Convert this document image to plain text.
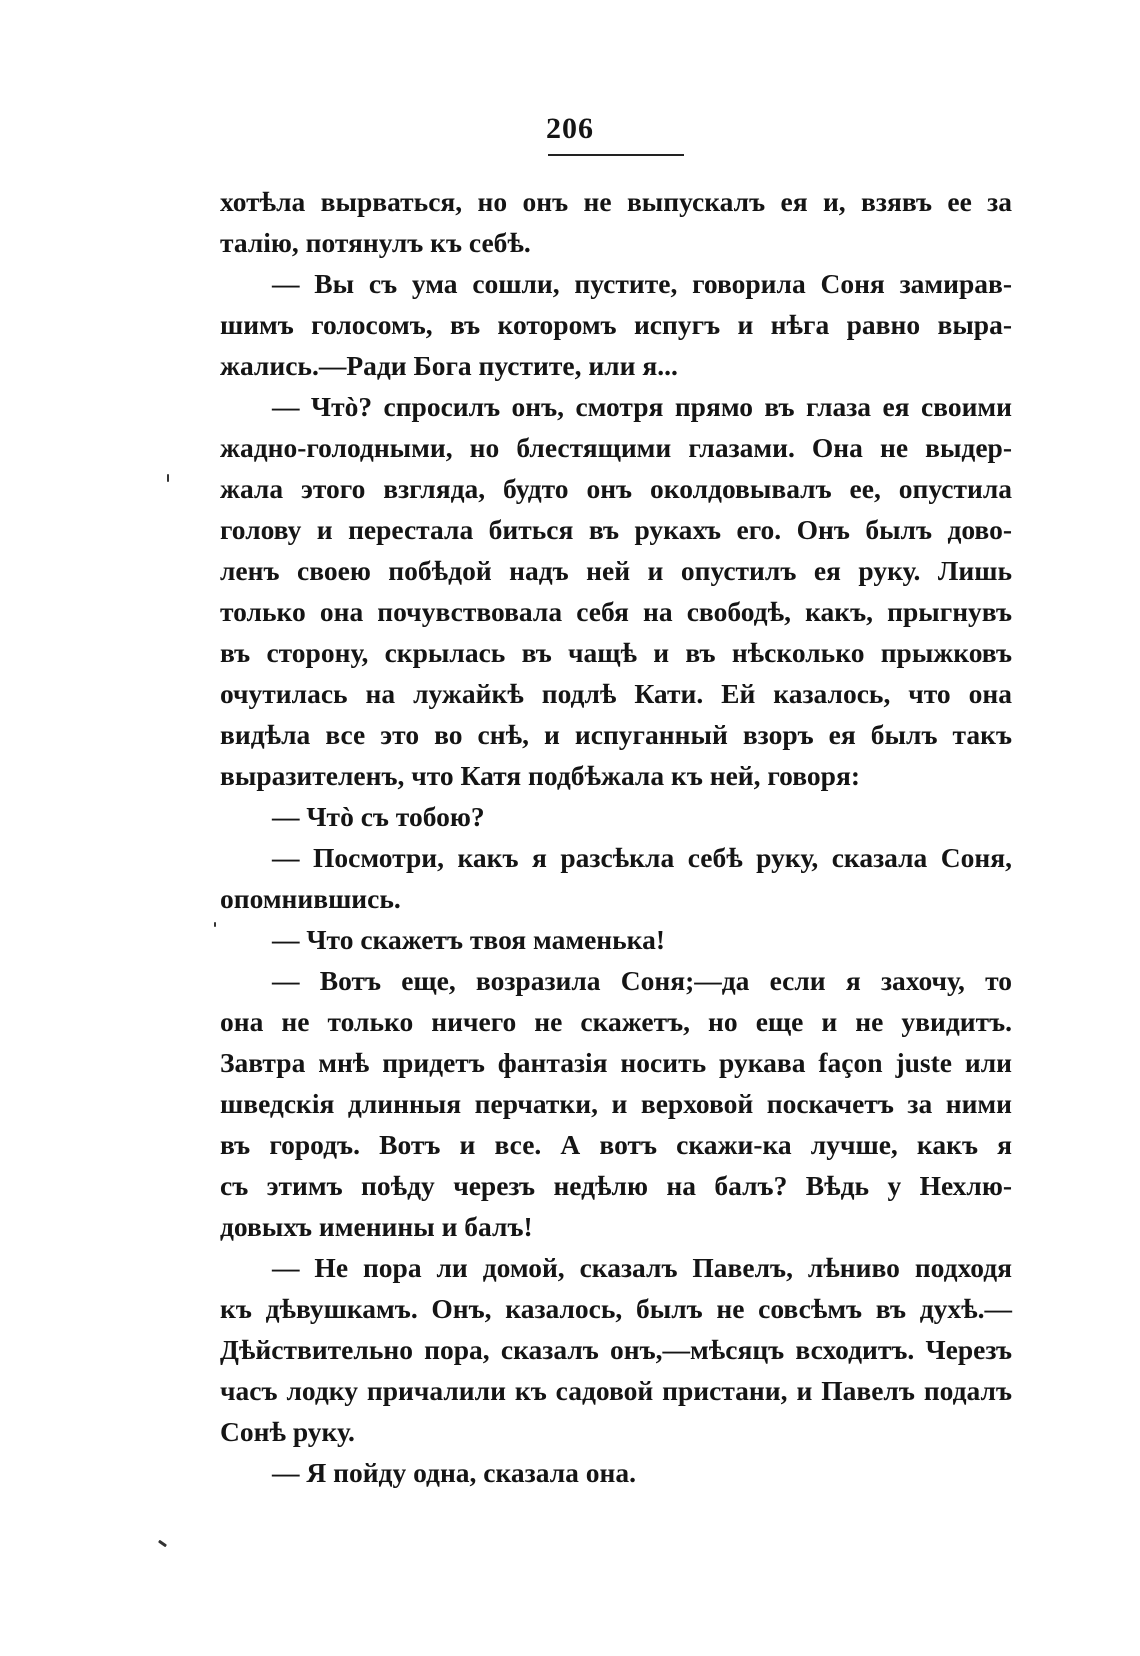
206
хотѣла вырваться, но онъ не выпускалъ ея и, взявъ ее за
талію, потянулъ къ себѣ.
— Вы съ ума сошли, пустите, говорила Соня замирав-
шимъ голосомъ, въ которомъ испугъ и нѣга равно выра-
жались.—Ради Бога пустите, или я...
— Чтò? спросилъ онъ, смотря прямо въ глаза ея своими
жадно-голодными, но блестящими глазами. Она не выдер-
жала этого взгляда, будто онъ околдовывалъ ее, опустила
голову и перестала биться въ рукахъ его. Онъ былъ дово-
ленъ своею побѣдой надъ ней и опустилъ ея руку. Лишь
только она почувствовала себя на свободѣ, какъ, прыгнувъ
въ сторону, скрылась въ чащѣ и въ нѣсколько прыжковъ
очутилась на лужайкѣ подлѣ Кати. Ей казалось, что она
видѣла все это во снѣ, и испуганный взоръ ея былъ такъ
выразителенъ, что Катя подбѣжала къ ней, говоря:
— Чтò съ тобою?
— Посмотри, какъ я разсѣкла себѣ руку, сказала Соня,
опомнившись.
— Что скажетъ твоя маменька!
— Вотъ еще, возразила Соня;—да если я захочу, то
она не только ничего не скажетъ, но еще и не увидитъ.
Завтра мнѣ придетъ фантазія носить рукава façon juste или
шведскія длинныя перчатки, и верховой поскачетъ за ними
въ городъ. Вотъ и все. А вотъ скажи-ка лучше, какъ я
съ этимъ поѣду черезъ недѣлю на балъ? Вѣдь у Нехлю-
довыхъ именины и балъ!
— Не пора ли домой, сказалъ Павелъ, лѣниво подходя
къ дѣвушкамъ. Онъ, казалось, былъ не совсѣмъ въ духѣ.—
Дѣйствительно пора, сказалъ онъ,—мѣсяцъ всходитъ. Черезъ
часъ лодку причалили къ садовой пристани, и Павелъ подалъ
Сонѣ руку.
— Я пойду одна, сказала она.
